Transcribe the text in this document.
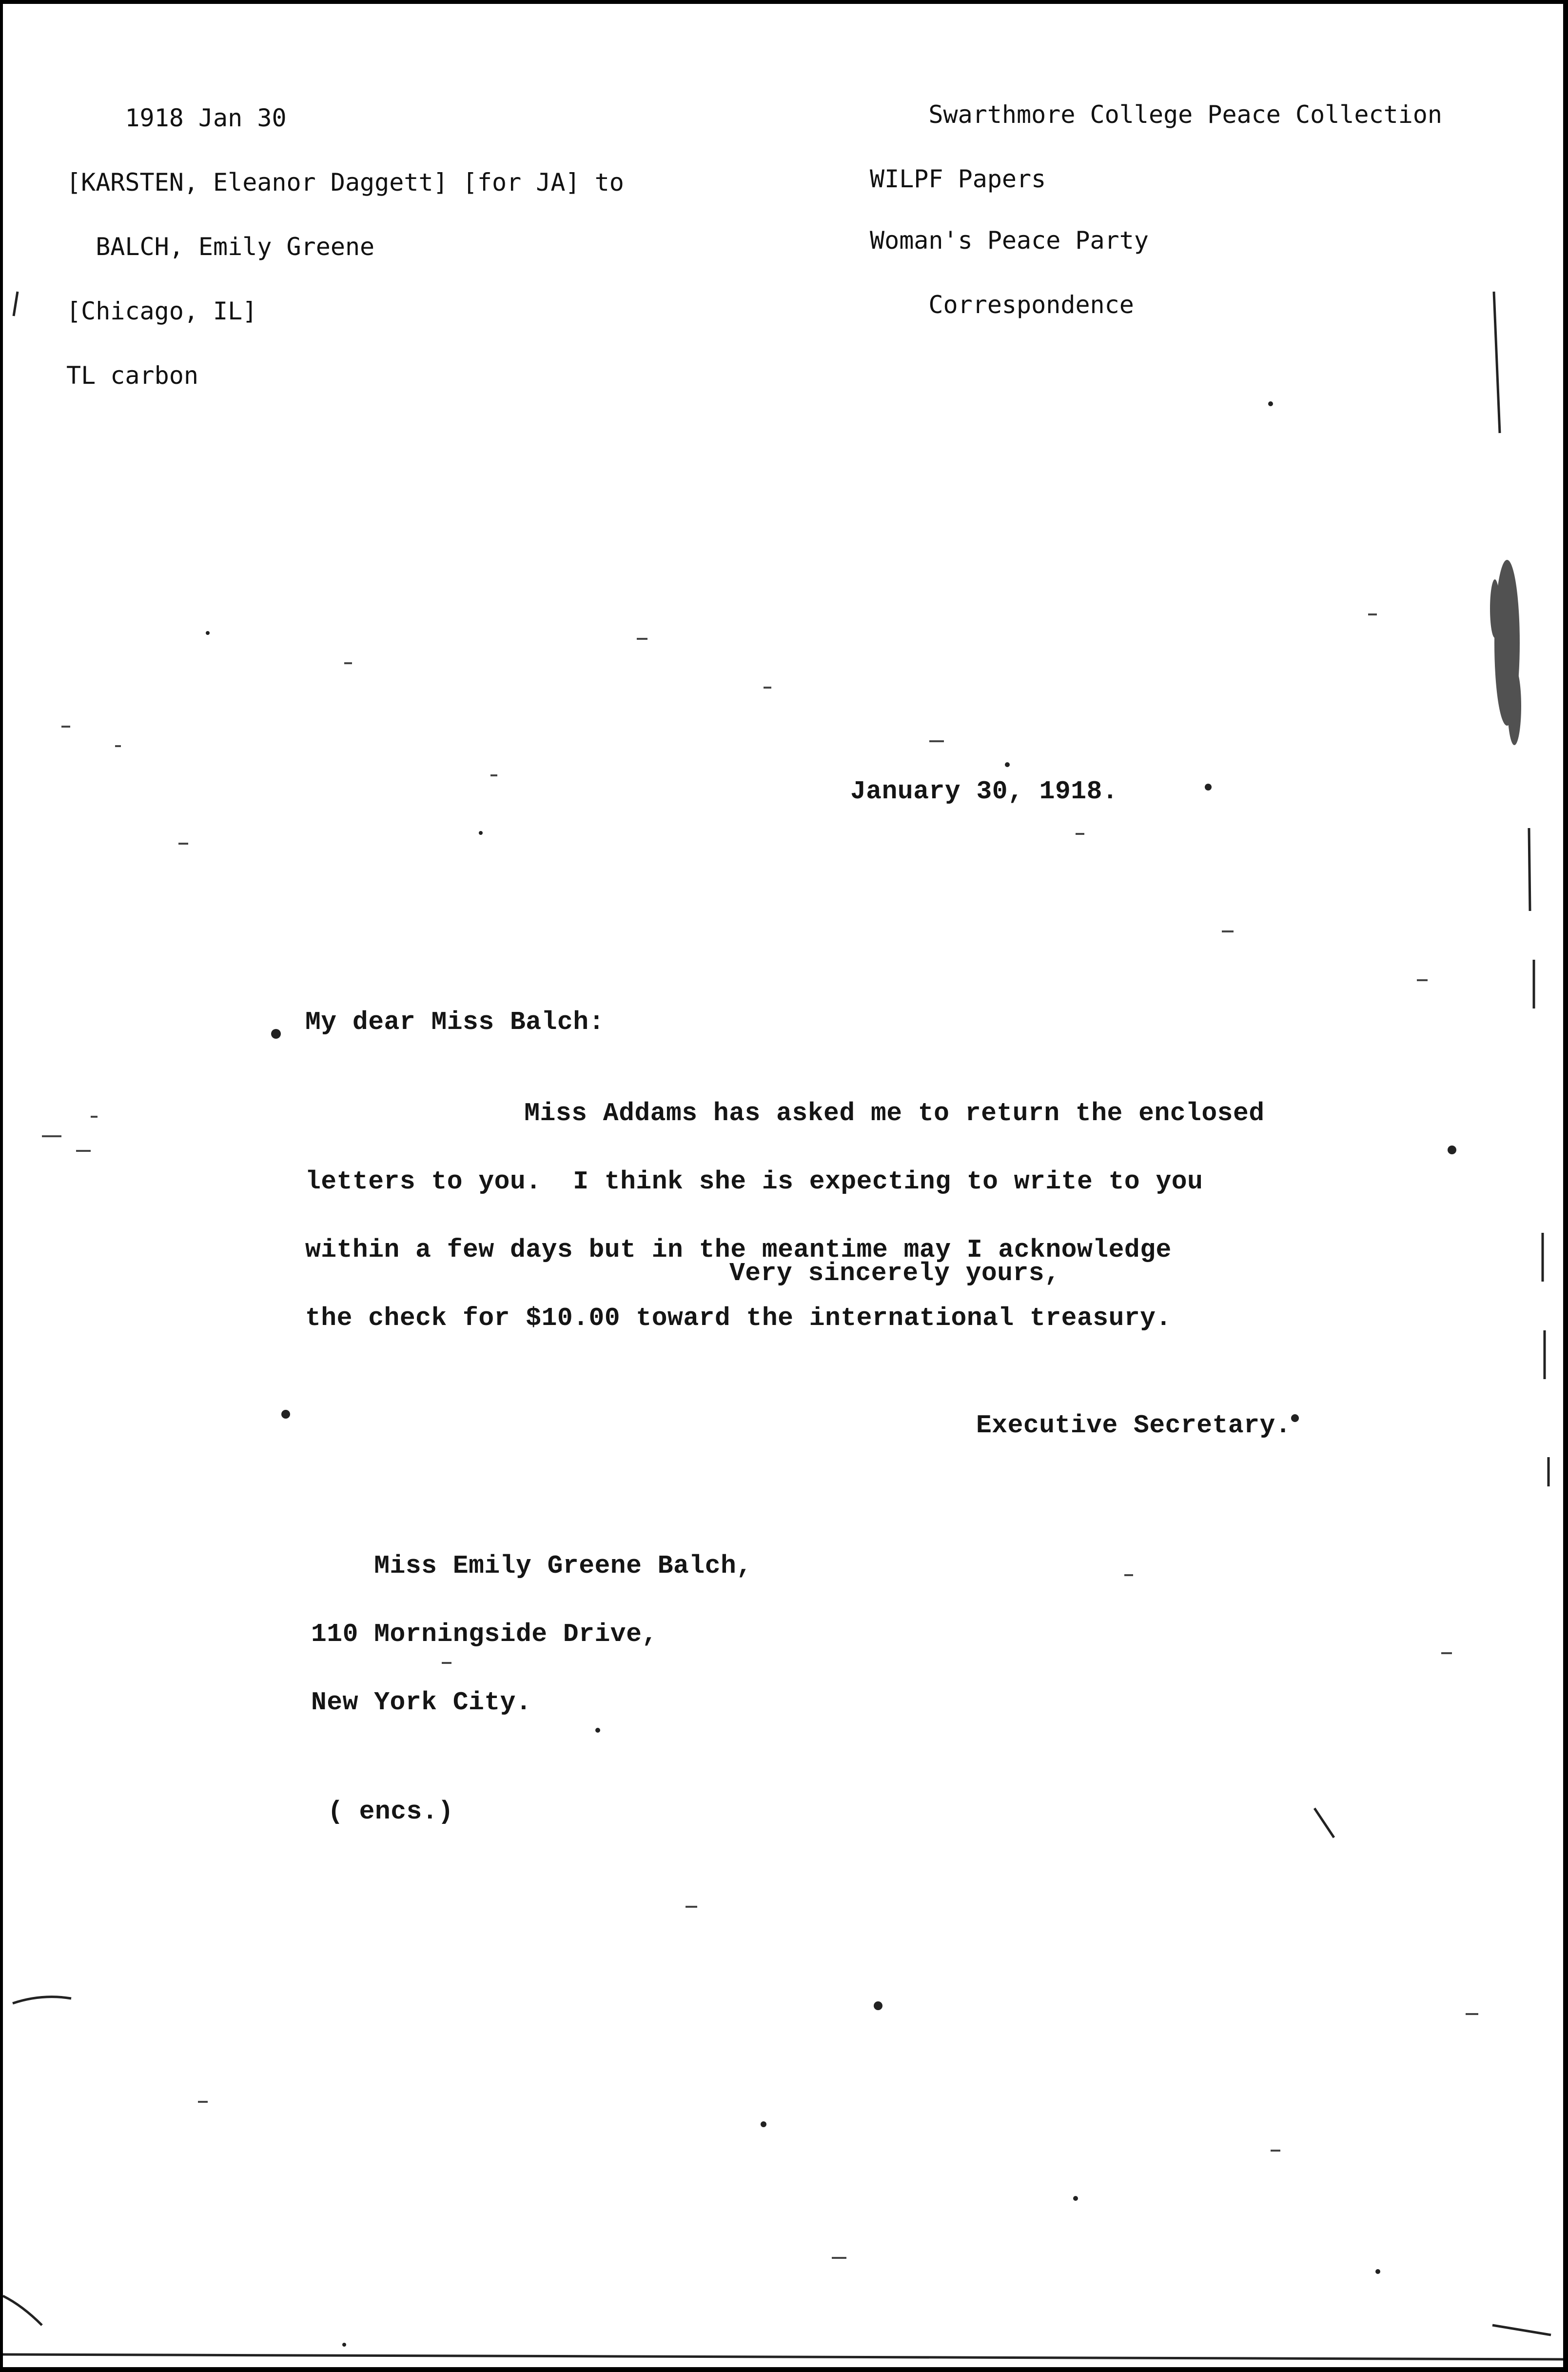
1918 Jan 30

[KARSTEN, Eleanor Daggett] [for JA] to

BALCH, Emily Greene

[Chicago, IL]

TL carbon

Swarthmore College Peace Collection

WILPF Papers

Woman's Peace Party

Correspondence

January 30, 1918.
My dear Miss Balch:

Miss Addams has asked me to return the enclosed

letters to you.  I think she is expecting to write to you

within a few days but in the meantime may I acknowledge

the check for $10.00 toward the international treasury.

Very sincerely yours,
Executive Secretary.

Miss Emily Greene Balch,

110 Morningside Drive,

New York City.

( encs.)
